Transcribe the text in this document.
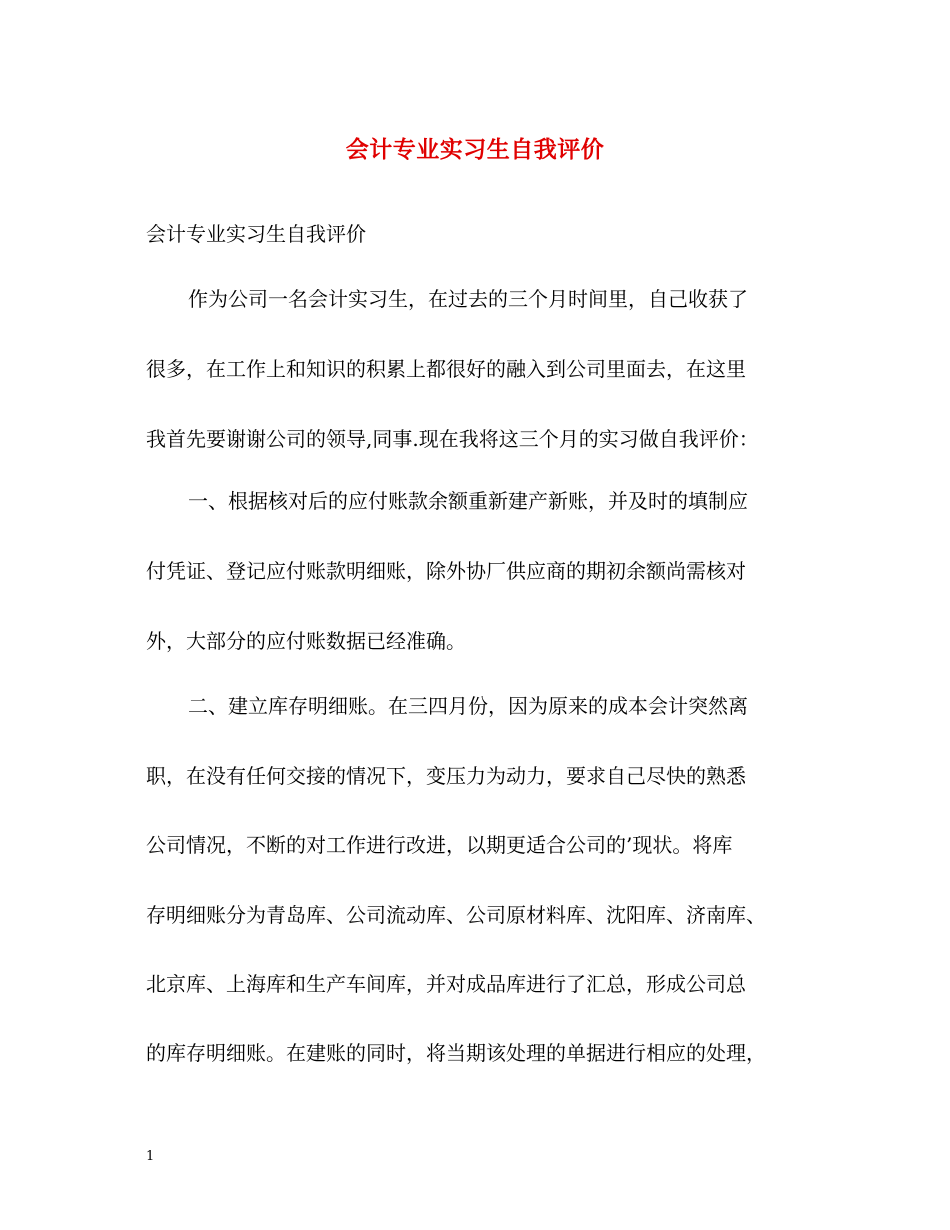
会计专业实习生自我评价
会计专业实习生自我评价
作为公司一名会计实习生，在过去的三个月时间里，自己收获了
很多，在工作上和知识的积累上都很好的融入到公司里面去，在这里
我首先要谢谢公司的领导,同事.现在我将这三个月的实习做自我评价：
一、根据核对后的应付账款余额重新建产新账，并及时的填制应
付凭证、登记应付账款明细账，除外协厂供应商的期初余额尚需核对
外，大部分的应付账数据已经准确。
二、建立库存明细账。在三四月份，因为原来的成本会计突然离
职，在没有任何交接的情况下，变压力为动力，要求自己尽快的熟悉
公司情况，不断的对工作进行改进，以期更适合公司的’现状。将库
存明细账分为青岛库、公司流动库、公司原材料库、沈阳库、济南库、
北京库、上海库和生产车间库，并对成品库进行了汇总，形成公司总
的库存明细账。在建账的同时，将当期该处理的单据进行相应的处理，
1
